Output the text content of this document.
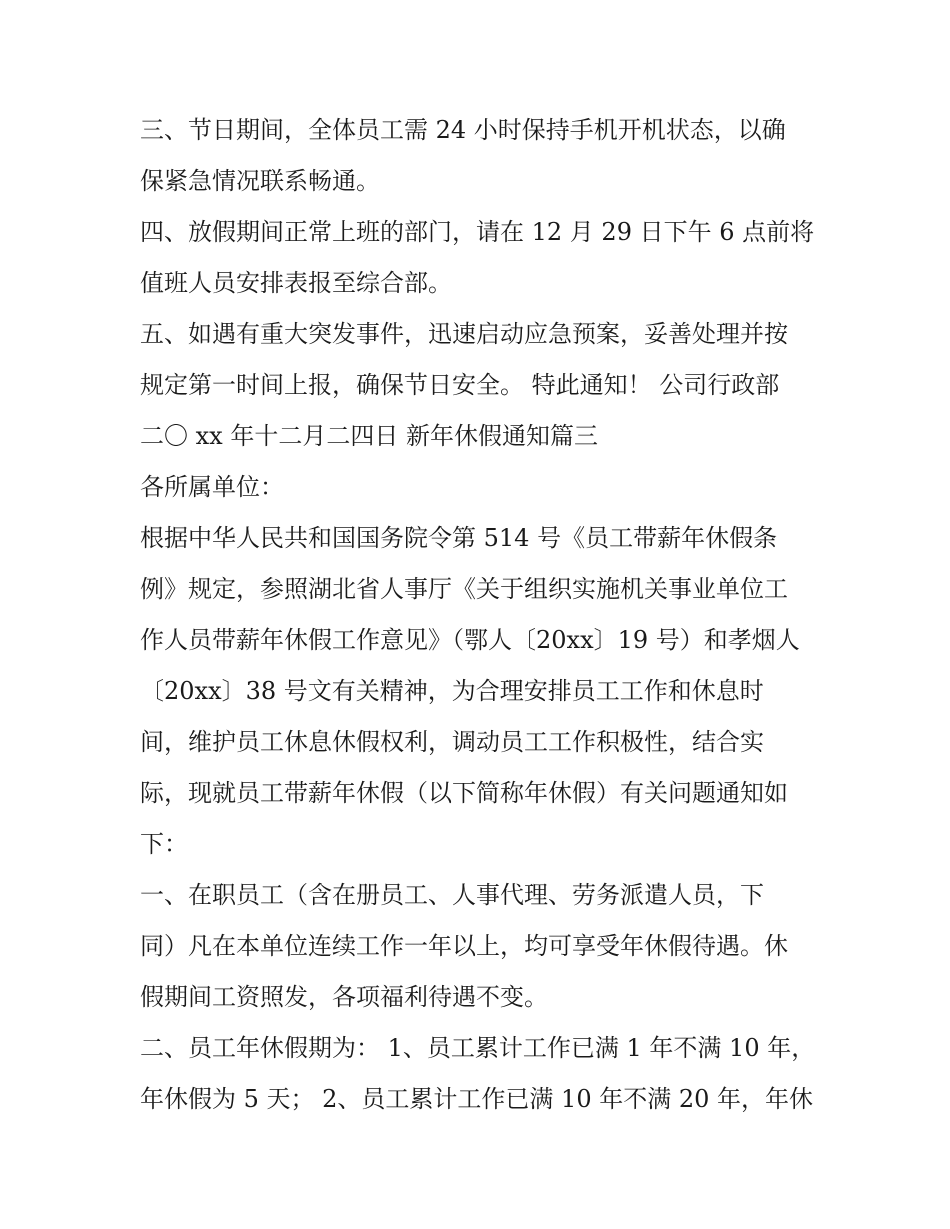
三、节日期间，全体员工需 24 小时保持手机开机状态，以确
保紧急情况联系畅通。
四、放假期间正常上班的部门，请在 12 月 29 日下午 6 点前将
值班人员安排表报至综合部。
五、如遇有重大突发事件，迅速启动应急预案，妥善处理并按
规定第一时间上报，确保节日安全。 特此通知！ 公司行政部
二〇 xx 年十二月二四日 新年休假通知篇三
各所属单位：
根据中华人民共和国国务院令第 514 号《员工带薪年休假条
例》规定，参照湖北省人事厅《关于组织实施机关事业单位工
作人员带薪年休假工作意见》（鄂人〔20xx〕19 号）和孝烟人
〔20xx〕38 号文有关精神，为合理安排员工工作和休息时
间，维护员工休息休假权利，调动员工工作积极性，结合实
际，现就员工带薪年休假（以下简称年休假）有关问题通知如
下：
一、在职员工（含在册员工、人事代理、劳务派遣人员，下
同）凡在本单位连续工作一年以上，均可享受年休假待遇。休
假期间工资照发，各项福利待遇不变。
二、员工年休假期为： 1、员工累计工作已满 1 年不满 10 年，
年休假为 5 天； 2、员工累计工作已满 10 年不满 20 年，年休
